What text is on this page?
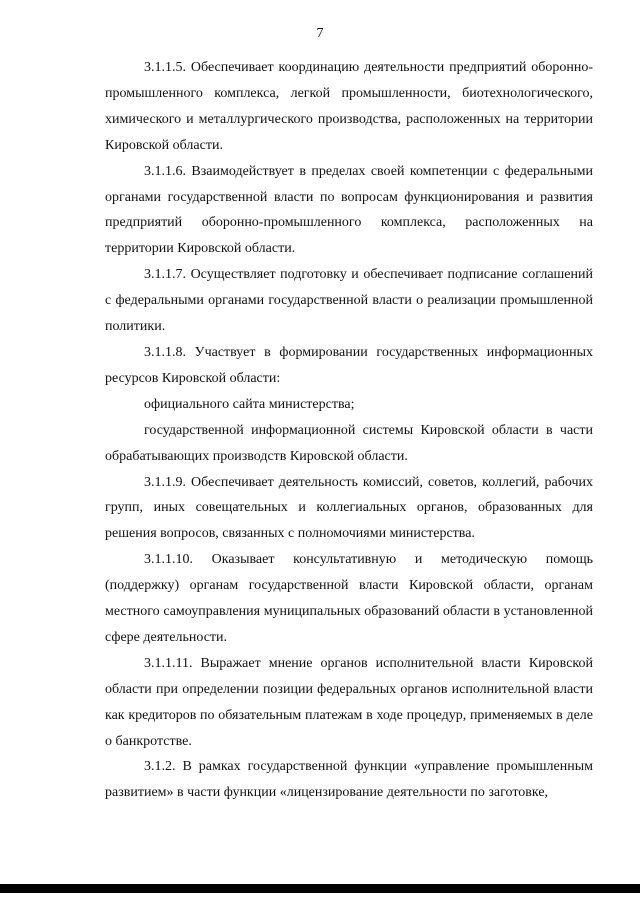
7

3.1.1.5. Обеспечивает координацию деятельности предприятий оборонно-промышленного комплекса, легкой промышленности, биотехнологического, химического и металлургического производства, расположенных на территории Кировской области.

3.1.1.6. Взаимодействует в пределах своей компетенции с федеральными органами государственной власти по вопросам функционирования и развития предприятий оборонно-промышленного комплекса, расположенных на территории Кировской области.

3.1.1.7. Осуществляет подготовку и обеспечивает подписание соглашений с федеральными органами государственной власти о реализации промышленной политики.

3.1.1.8. Участвует в формировании государственных информационных ресурсов Кировской области:

официального сайта министерства;

государственной информационной системы Кировской области в части обрабатывающих производств Кировской области.

3.1.1.9. Обеспечивает деятельность комиссий, советов, коллегий, рабочих групп, иных совещательных и коллегиальных органов, образованных для решения вопросов, связанных с полномочиями министерства.

3.1.1.10. Оказывает консультативную и методическую помощь (поддержку) органам государственной власти Кировской области, органам местного самоуправления муниципальных образований области в установленной сфере деятельности.

3.1.1.11. Выражает мнение органов исполнительной власти Кировской области при определении позиции федеральных органов исполнительной власти как кредиторов по обязательным платежам в ходе процедур, применяемых в деле о банкротстве.

3.1.2. В рамках государственной функции «управление промышленным развитием» в части функции «лицензирование деятельности по заготовке,
